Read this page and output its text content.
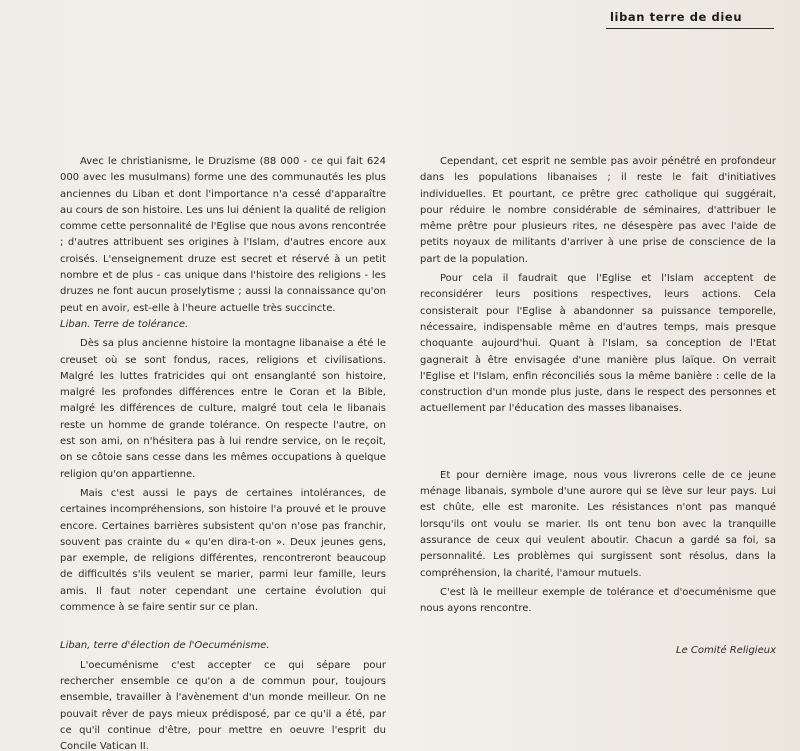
liban terre de dieu

Avec le christianisme, le Druzisme (88 000 - ce qui fait 624 000 avec les musulmans) forme une des communautés les plus anciennes du Liban et dont l'importance n'a cessé d'apparaître au cours de son histoire. Les uns lui dénient la qualité de religion comme cette personnalité de l'Eglise que nous avons rencontrée ; d'autres attribuent ses origines à l'Islam, d'autres encore aux croisés. L'enseignement druze est secret et réservé à un petit nombre et de plus - cas unique dans l'histoire des religions - les druzes ne font aucun proselytisme ; aussi la connaissance qu'on peut en avoir, est-elle à l'heure actuelle très succincte.

Liban. Terre de tolérance.

Dès sa plus ancienne histoire la montagne libanaise a été le creuset où se sont fondus, races, religions et civilisations. Malgré les luttes fratricides qui ont ensanglanté son histoire, malgré les profondes différences entre le Coran et la Bible, malgré les différences de culture, malgré tout cela le libanais reste un homme de grande tolérance. On respecte l'autre, on est son ami, on n'hésitera pas à lui rendre service, on le reçoit, on se côtoie sans cesse dans les mêmes occupations à quelque religion qu'on appartienne.

Mais c'est aussi le pays de certaines intolérances, de certaines incompréhensions, son histoire l'a prouvé et le prouve encore. Certaines barrières subsistent qu'on n'ose pas franchir, souvent pas crainte du « qu'en dira-t-on ». Deux jeunes gens, par exemple, de religions différentes, rencontreront beaucoup de difficultés s'ils veulent se marier, parmi leur famille, leurs amis. Il faut noter cependant une certaine évolution qui commence à se faire sentir sur ce plan.

Liban, terre d'élection de l'Oecuménisme.

L'oecuménisme c'est accepter ce qui sépare pour rechercher ensemble ce qu'on a de commun pour, toujours ensemble, travailler à l'avènement d'un monde meilleur. On ne pouvait rêver de pays mieux prédisposé, par ce qu'il a été, par ce qu'il continue d'être, pour mettre en oeuvre l'esprit du Concile Vatican II.

Cependant, cet esprit ne semble pas avoir pénétré en profondeur dans les populations libanaises ; il reste le fait d'initiatives individuelles. Et pourtant, ce prêtre grec catholique qui suggérait, pour réduire le nombre considérable de séminaires, d'attribuer le même prêtre pour plusieurs rites, ne désespère pas avec l'aide de petits noyaux de militants d'arriver à une prise de conscience de la part de la population.

Pour cela il faudrait que l'Eglise et l'Islam acceptent de reconsidérer leurs positions respectives, leurs actions. Cela consisterait pour l'Eglise à abandonner sa puissance temporelle, nécessaire, indispensable même en d'autres temps, mais presque choquante aujourd'hui. Quant à l'Islam, sa conception de l'Etat gagnerait à être envisagée d'une manière plus laïque. On verrait l'Eglise et l'Islam, enfin réconciliés sous la même banière : celle de la construction d'un monde plus juste, dans le respect des personnes et actuellement par l'éducation des masses libanaises.

Et pour dernière image, nous vous livrerons celle de ce jeune ménage libanais, symbole d'une aurore qui se lève sur leur pays. Lui est chûte, elle est maronite. Les résistances n'ont pas manqué lorsqu'ils ont voulu se marier. Ils ont tenu bon avec la tranquille assurance de ceux qui veulent aboutir. Chacun a gardé sa foi, sa personnalité. Les problèmes qui surgissent sont résolus, dans la compréhension, la charité, l'amour mutuels.

C'est là le meilleur exemple de tolérance et d'oecuménisme que nous ayons rencontre.

Le Comité Religieux
